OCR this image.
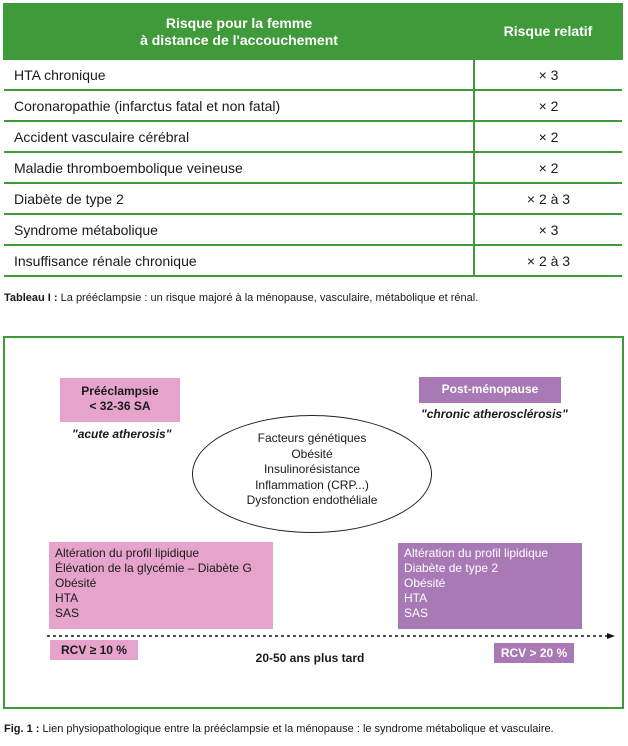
Risque pour la femme
à distance de l'accouchement	Risque relatif
HTA chronique	× 3
Coronaropathie (infarctus fatal et non fatal)	× 2
Accident vasculaire cérébral	× 2
Maladie thromboembolique veineuse	× 2
Diabète de type 2	× 2 à 3
Syndrome métabolique	× 3
Insuffisance rénale chronique	× 2 à 3
Tableau I : La prééclampsie : un risque majoré à la ménopause, vasculaire, métabolique et rénal.
Prééclampsie
< 32-36 SA
"acute atherosis"
Post-ménopause
"chronic atherosclérosis"
Facteurs génétiques
Obésité
Insulinorésistance
Inflammation (CRP...)
Dysfonction endothéliale
Altération du profil lipidique
Élévation de la glycémie – Diabète G
Obésité
HTA
SAS
Altération du profil lipidique
Diabète de type 2
Obésité
HTA
SAS
RCV ≥ 10 %	RCV > 20 %
20-50 ans plus tard
Fig. 1 : Lien physiopathologique entre la prééclampsie et la ménopause : le syndrome métabolique et vasculaire.
